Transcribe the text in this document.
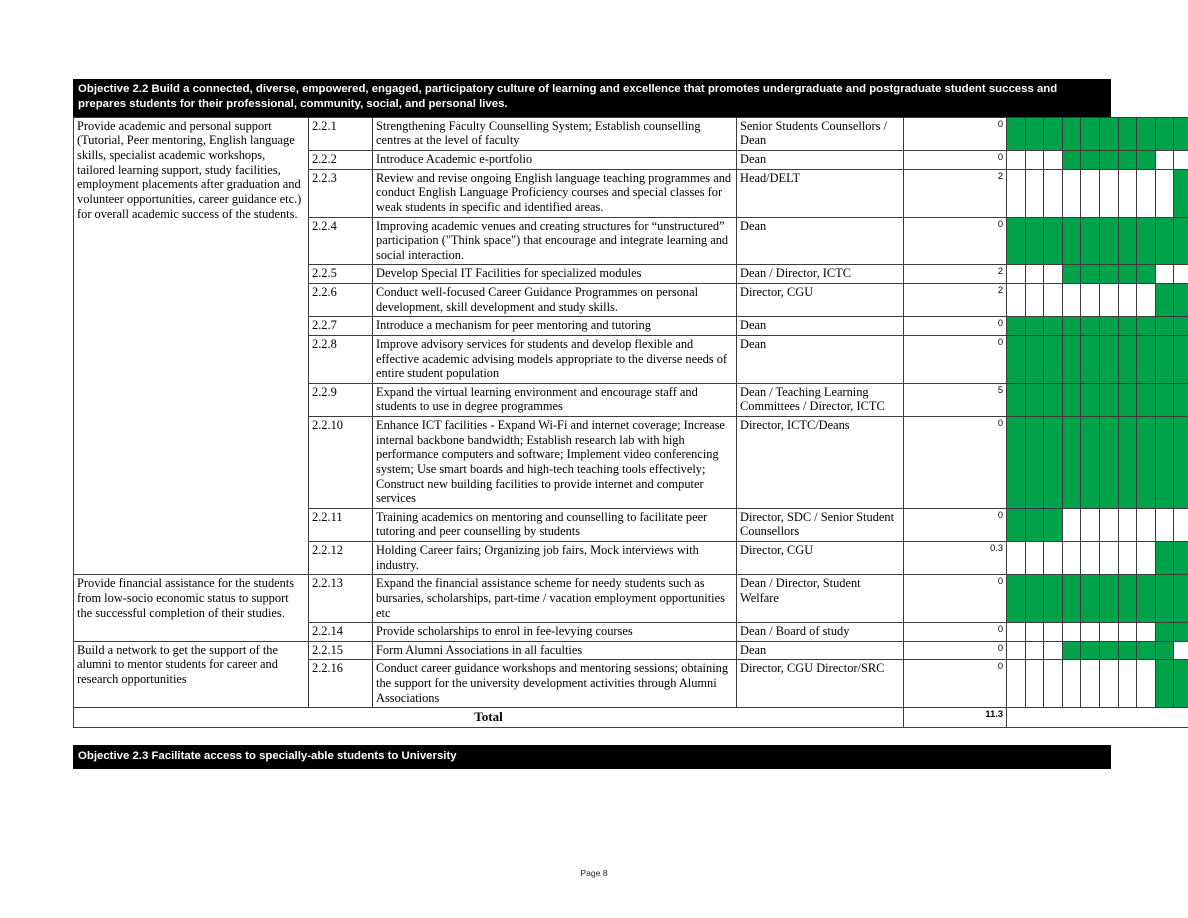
Objective 2.2 Build a connected, diverse, empowered, engaged, participatory culture of learning and excellence that promotes undergraduate and postgraduate student success and prepares students for their professional, community, social, and personal lives.
Provide academic and personal support (Tutorial, Peer mentoring, English language skills, specialist academic workshops, tailored learning support, study facilities, employment placements after graduation and volunteer opportunities, career guidance etc.) for overall academic success of the students.	2.2.1	Strengthening Faculty Counselling System; Establish counselling centres at the level of faculty	Senior Students Counsellors / Dean	0												
	2.2.2	Introduce Academic e-portfolio	Dean	0												
	2.2.3	Review and revise ongoing English language teaching programmes and conduct English Language Proficiency courses and special classes for weak students in specific and identified areas.	Head/DELT	2												
	2.2.4	Improving academic venues and creating structures for “unstructured” participation ("Think space") that encourage and integrate learning and social interaction.	Dean	0												
	2.2.5	Develop Special IT Facilities for specialized modules	Dean / Director, ICTC	2												
	2.2.6	Conduct well-focused Career Guidance Programmes on personal development, skill development and study skills.	Director, CGU	2												
	2.2.7	Introduce a mechanism for peer mentoring and tutoring	Dean	0												
	2.2.8	Improve advisory services for students and develop flexible and effective academic advising models appropriate to the diverse needs of entire student population	Dean	0												
	2.2.9	Expand the virtual learning environment and encourage staff and students to use in degree programmes	Dean / Teaching Learning Committees / Director, ICTC	5												
	2.2.10	Enhance ICT facilities - Expand Wi-Fi and internet coverage; Increase internal backbone bandwidth; Establish research lab with high performance computers and software; Implement video conferencing system; Use smart boards and high-tech teaching tools effectively; Construct new building facilities to provide internet and computer services	Director, ICTC/Deans	0												
	2.2.11	Training academics on mentoring and counselling to facilitate peer tutoring and peer counselling by students	Director, SDC / Senior Student Counsellors	0												
	2.2.12	Holding Career fairs; Organizing job fairs, Mock interviews with industry.	Director, CGU	0.3												
Provide financial assistance for the students from low-socio economic status to support the successful completion of their studies.	2.2.13	Expand the financial assistance scheme for needy students such as bursaries, scholarships, part-time / vacation employment opportunities etc	Dean / Director, Student Welfare	0												
	2.2.14	Provide scholarships to enrol in fee-levying courses	Dean / Board of study	0												
Build a network to get the support of the alumni to mentor students for career and research opportunities	2.2.15	Form Alumni Associations in all faculties	Dean	0												
	2.2.16	Conduct career guidance workshops and mentoring sessions; obtaining the support for the university development activities through Alumni Associations	Director, CGU Director/SRC	0												
Total				11.3												
Objective 2.3 Facilitate access to specially-able students to University
Page 8
